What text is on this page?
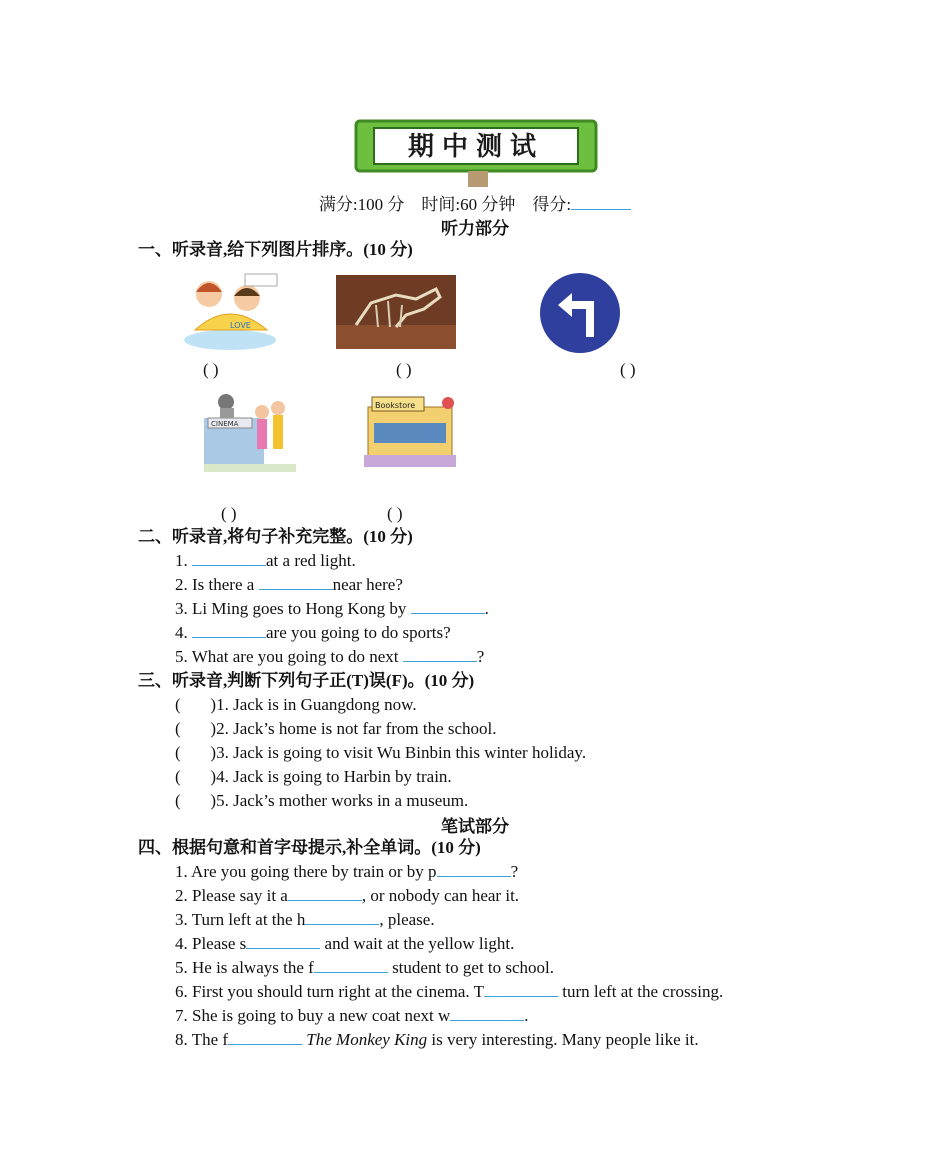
期中测试
满分:100 分 时间:60 分钟 得分:
听力部分
一、听录音,给下列图片排序。(10 分)
LOVE
( )	( )	( )
CINEMA
Bookstore
( )	( )
二、听录音,将句子补充完整。(10 分)
1.	at a red light.
2. Is there a	near here?
3. Li Ming goes to Hong Kong by	.
4.	are you going to do sports?
5. What are you going to do next	?
三、听录音,判断下列句子正(T)误(F)。(10 分)
(       )1. Jack is in Guangdong now.
(       )2. Jack’s home is not far from the school.
(       )3. Jack is going to visit Wu Binbin this winter holiday.
(       )4. Jack is going to Harbin by train.
(       )5. Jack’s mother works in a museum.
笔试部分
四、根据句意和首字母提示,补全单词。(10 分)
1. Are you going there by train or by p	?
2. Please say it a	, or nobody can hear it.
3. Turn left at the h	, please.
4. Please s	and wait at the yellow light.
5. He is always the f	student to get to school.
6. First you should turn right at the cinema. T	turn left at the crossing.
7. She is going to buy a new coat next w	.
8. The f	The Monkey King is very interesting. Many people like it.
